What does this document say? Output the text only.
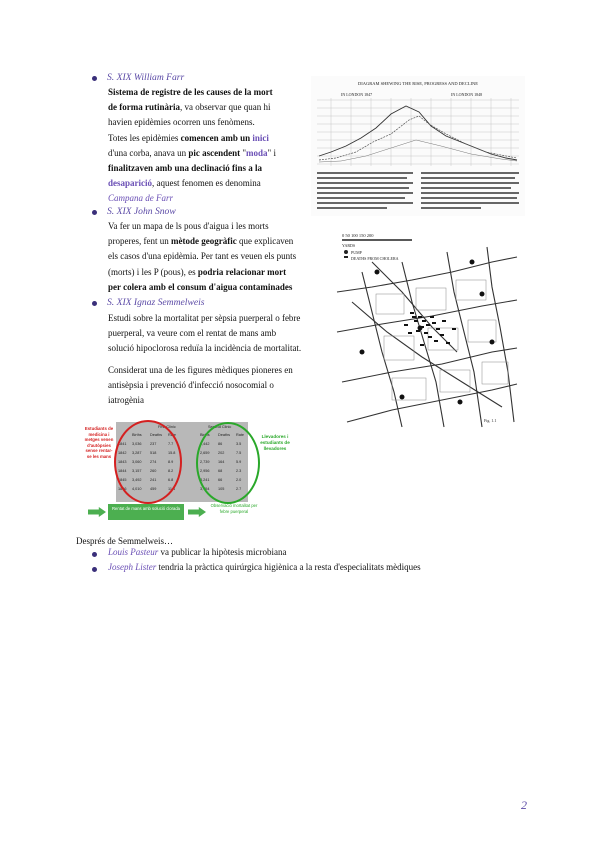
S. XIX William Farr
Sistema de registre de les causes de la mort
de forma rutinària, va observar que quan hi
havien epidèmies ocorren uns fenòmens.
Totes les epidèmies comencen amb un inici
d'una corba, anava un pic ascendent "moda" i
finalitzaven amb una declinació fins a la
desaparició, aquest fenomen es denomina
Campana de Farr
DIAGRAM SHEWING THE RISE, PROGRESS AND DECLINE
IN LONDON 1847	IN LONDON 1848
S. XIX John Snow
Va fer un mapa de ls pous d'aigua i les morts
properes, fent un mètode geogràfic que explicaven
els casos d'una epidèmia. Per tant es veuen els punts
(morts) i les P (pous), es podria relacionar mort
per colera amb el consum d'aigua contaminades
0 50 100 150 200
YARDS
PUMP
DEATHS FROM CHOLERA
Fig. 1.1
S. XIX Ignaz Semmelweis
Estudi sobre la mortalitat per sèpsia puerperal o febre
puerperal, va veure com el rentat de mans amb
solució hipoclorosa reduïa la incidència de mortalitat.
Considerat una de les figures mèdiques pioneres en
antisèpsia i prevenció d'infecció nosocomial o
iatrogènia
Estudiants de medicina i metges venen d'autòpsies sense rentar-se les mans
First Clinic	Second Clinic
Births Deaths Rate	Births Deaths Rate
1841 3,036 237	7.7	2,442 86	3.5
1842 3,287 518	15.8	2,659 202	7.5
1843 3,060 274	8.9	2,739 164	5.9
1844 3,157 260	8.2	2,956 68	2.3
1845 3,492 241	6.8	3,241 66	2.0
1846 4,010 459	11.4	3,754 105	2.7
Llevadores i estudiants de llevadores
Rentat de mans amb solució clorada
Observació mortalitat per febre puerperal
Després de Semmelweis…
Louis Pasteur va publicar la hipòtesis microbiana
Joseph Lister tendria la pràctica quirúrgica higiènica a la resta d'especialitats mèdiques
2
